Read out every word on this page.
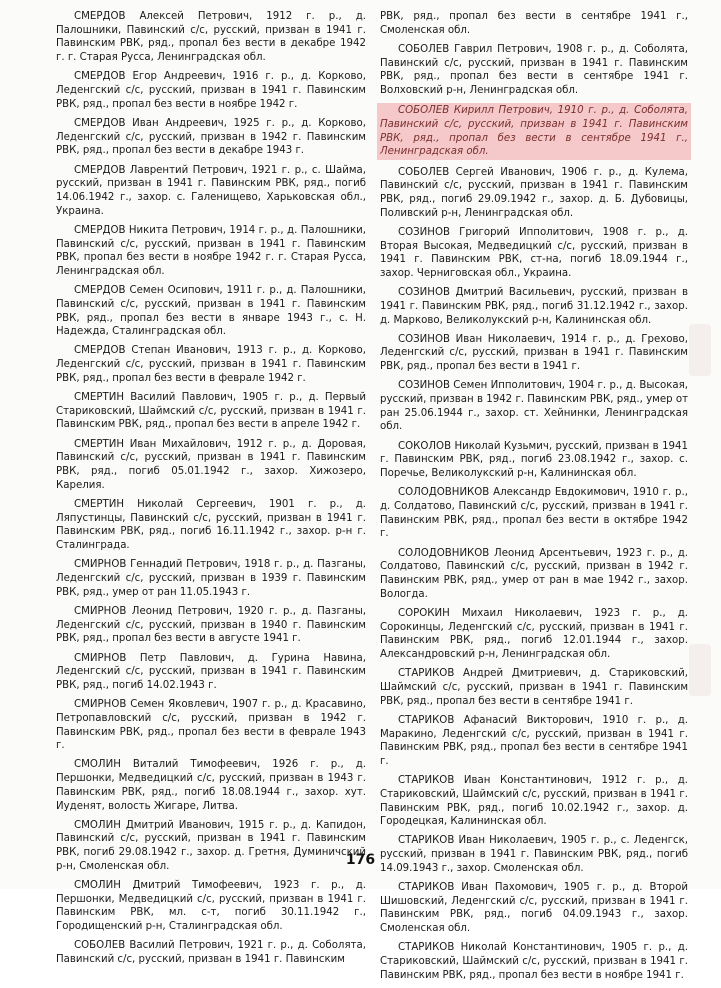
СМЕРДОВ Алексей Петрович, 1912 г. р., д. Палошники, Павинский с/с, русский, призван в 1941 г. Павинским РВК, ряд., пропал без вести в декабре 1942 г. г. Старая Русса, Ленинградская обл.

СМЕРДОВ Егор Андреевич, 1916 г. р., д. Корково, Леденгский с/с, русский, призван в 1941 г. Павинским РВК, ряд., пропал без вести в ноябре 1942 г.

СМЕРДОВ Иван Андреевич, 1925 г. р., д. Корково, Леденгский с/с, русский, призван в 1942 г. Павинским РВК, ряд., пропал без вести в декабре 1943 г.

СМЕРДОВ Лаврентий Петрович, 1921 г. р., с. Шайма, русский, призван в 1941 г. Павинским РВК, ряд., погиб 14.06.1942 г., захор. с. Галенищево, Харьковская обл., Украина.

СМЕРДОВ Никита Петрович, 1914 г. р., д. Палошники, Павинский с/с, русский, призван в 1941 г. Павинским РВК, пропал без вести в ноябре 1942 г. г. Старая Русса, Ленинградская обл.

СМЕРДОВ Семен Осипович, 1911 г. р., д. Палошники, Павинский с/с, русский, призван в 1941 г. Павинским РВК, ряд., пропал без вести в январе 1943 г., с. Н. Надежда, Сталинградская обл.

СМЕРДОВ Степан Иванович, 1913 г. р., д. Корково, Леденгский с/с, русский, призван в 1941 г. Павинским РВК, ряд., пропал без вести в феврале 1942 г.

СМЕРТИН Василий Павлович, 1905 г. р., д. Первый Стариковский, Шаймский с/с, русский, призван в 1941 г. Павинским РВК, ряд., пропал без вести в апреле 1942 г.

СМЕРТИН Иван Михайлович, 1912 г. р., д. Доровая, Павинский с/с, русский, призван в 1941 г. Павинским РВК, ряд., погиб 05.01.1942 г., захор. Хижозеро, Карелия.

СМЕРТИН Николай Сергеевич, 1901 г. р., д. Ляпустинцы, Павинский с/с, русский, призван в 1941 г. Павинским РВК, ряд., погиб 16.11.1942 г., захор. р-н г. Сталинграда.

СМИРНОВ Геннадий Петрович, 1918 г. р., д. Пазганы, Леденгский с/с, русский, призван в 1939 г. Павинским РВК, ряд., умер от ран 11.05.1943 г.

СМИРНОВ Леонид Петрович, 1920 г. р., д. Пазганы, Леденгский с/с, русский, призван в 1940 г. Павинским РВК, ряд., пропал без вести в августе 1941 г.

СМИРНОВ Петр Павлович, д. Гурина Навина, Леденгский с/с, русский, призван в 1941 г. Павинским РВК, ряд., погиб 14.02.1943 г.

СМИРНОВ Семен Яковлевич, 1907 г. р., д. Красавино, Петропавловский с/с, русский, призван в 1942 г. Павинским РВК, ряд., пропал без вести в феврале 1943 г.

СМОЛИН Виталий Тимофеевич, 1926 г. р., д. Першонки, Медведицкий с/с, русский, призван в 1943 г. Павинским РВК, ряд., погиб 18.08.1944 г., захор. хут. Иуденят, волость Жигаре, Литва.

СМОЛИН Дмитрий Иванович, 1915 г. р., д. Капидон, Павинский с/с, русский, призван в 1941 г. Павинским РВК, погиб 29.08.1942 г., захор. д. Гретня, Думиничский р-н, Смоленская обл.

СМОЛИН Дмитрий Тимофеевич, 1923 г. р., д. Першонки, Медведицкий с/с, русский, призван в 1941 г. Павинским РВК, мл. с-т, погиб 30.11.1942 г., Городищенский р-н, Сталинградская обл.

СОБОЛЕВ Василий Петрович, 1921 г. р., д. Соболята, Павинский с/с, русский, призван в 1941 г. Павинским

РВК, ряд., пропал без вести в сентябре 1941 г., Смоленская обл.

СОБОЛЕВ Гаврил Петрович, 1908 г. р., д. Соболята, Павинский с/с, русский, призван в 1941 г. Павинским РВК, ряд., пропал без вести в сентябре 1941 г. Волховский р-н, Ленинградская обл.

СОБОЛЕВ Кирилл Петрович, 1910 г. р., д. Соболята, Павинский с/с, русский, призван в 1941 г. Павинским РВК, ряд., пропал без вести в сентябре 1941 г., Ленинградская обл.

СОБОЛЕВ Сергей Иванович, 1906 г. р., д. Кулема, Павинский с/с, русский, призван в 1941 г. Павинским РВК, ряд., погиб 29.09.1942 г., захор. д. Б. Дубовицы, Поливский р-н, Ленинградская обл.

СОЗИНОВ Григорий Ипполитович, 1908 г. р., д. Вторая Высокая, Медведицкий с/с, русский, призван в 1941 г. Павинским РВК, ст-на, погиб 18.09.1944 г., захор. Черниговская обл., Украина.

СОЗИНОВ Дмитрий Васильевич, русский, призван в 1941 г. Павинским РВК, ряд., погиб 31.12.1942 г., захор. д. Марково, Великолукский р-н, Калининская обл.

СОЗИНОВ Иван Николаевич, 1914 г. р., д. Грехово, Леденгский с/с, русский, призван в 1941 г. Павинским РВК, ряд., пропал без вести в 1941 г.

СОЗИНОВ Семен Ипполитович, 1904 г. р., д. Высокая, русский, призван в 1942 г. Павинским РВК, ряд., умер от ран 25.06.1944 г., захор. ст. Хейнинки, Ленинградская обл.

СОКОЛОВ Николай Кузьмич, русский, призван в 1941 г. Павинским РВК, ряд., погиб 23.08.1942 г., захор. с. Поречье, Великолукский р-н, Калининская обл.

СОЛОДОВНИКОВ Александр Евдокимович, 1910 г. р., д. Солдатово, Павинский с/с, русский, призван в 1941 г. Павинским РВК, ряд., пропал без вести в октябре 1942 г.

СОЛОДОВНИКОВ Леонид Арсентьевич, 1923 г. р., д. Солдатово, Павинский с/с, русский, призван в 1942 г. Павинским РВК, ряд., умер от ран в мае 1942 г., захор. Вологда.

СОРОКИН Михаил Николаевич, 1923 г. р., д. Сорокинцы, Леденгский с/с, русский, призван в 1941 г. Павинским РВК, ряд., погиб 12.01.1944 г., захор. Александровский р-н, Ленинградская обл.

СТАРИКОВ Андрей Дмитриевич, д. Стариковский, Шаймский с/с, русский, призван в 1941 г. Павинским РВК, ряд., пропал без вести в сентябре 1941 г.

СТАРИКОВ Афанасий Викторович, 1910 г. р., д. Маракино, Леденгский с/с, русский, призван в 1941 г. Павинским РВК, ряд., пропал без вести в сентябре 1941 г.

СТАРИКОВ Иван Константинович, 1912 г. р., д. Стариковский, Шаймский с/с, русский, призван в 1941 г. Павинским РВК, ряд., погиб 10.02.1942 г., захор. д. Городецкая, Калининская обл.

СТАРИКОВ Иван Николаевич, 1905 г. р., с. Леденгск, русский, призван в 1941 г. Павинским РВК, ряд., погиб 14.09.1943 г., захор. Смоленская обл.

СТАРИКОВ Иван Пахомович, 1905 г. р., д. Второй Шишовский, Леденгский с/с, русский, призван в 1941 г. Павинским РВК, ряд., погиб 04.09.1943 г., захор. Смоленская обл.

СТАРИКОВ Николай Константинович, 1905 г. р., д. Стариковский, Шаймский с/с, русский, призван в 1941 г. Павинским РВК, ряд., пропал без вести в ноябре 1941 г.

176
